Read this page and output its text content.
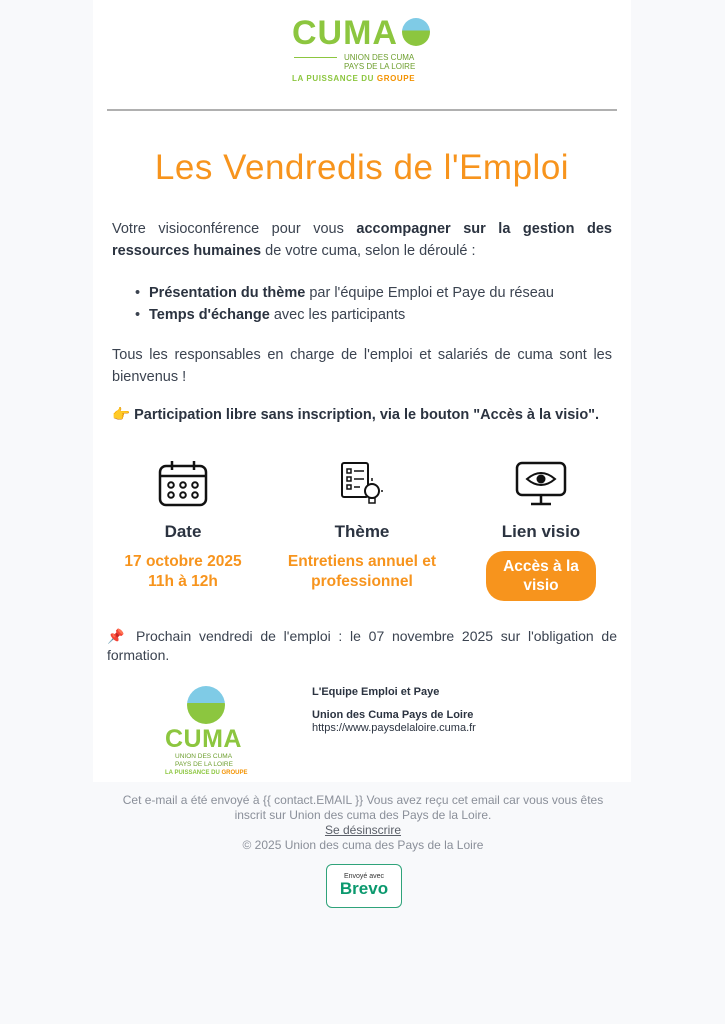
CUMA
UNION DES CUMA
PAYS DE LA LOIRE
LA PUISSANCE DU GROUPE
Les Vendredis de l'Emploi
Votre visioconférence pour vous accompagner sur la gestion des ressources humaines de votre cuma, selon le déroulé :
• Présentation du thème par l'équipe Emploi et Paye du réseau
• Temps d'échange avec les participants
Tous les responsables en charge de l'emploi et salariés de cuma sont les bienvenus !
👉 Participation libre sans inscription, via le bouton "Accès à la visio".
Date
17 octobre 2025
11h à 12h
Thème
Entretiens annuel et
professionnel
Lien visio
Accès à la visio
📌 Prochain vendredi de l'emploi : le 07 novembre 2025 sur l'obligation de formation.
CUMA
UNION DES CUMA
PAYS DE LA LOIRE
LA PUISSANCE DU GROUPE
L'Equipe Emploi et Paye
Union des Cuma Pays de Loire
https://www.paysdelaloire.cuma.fr
Cet e-mail a été envoyé à {{ contact.EMAIL }} Vous avez reçu cet email car vous vous êtes inscrit sur Union des cuma des Pays de la Loire.
Se désinscrire
© 2025 Union des cuma des Pays de la Loire
Envoyé avec
Brevo
